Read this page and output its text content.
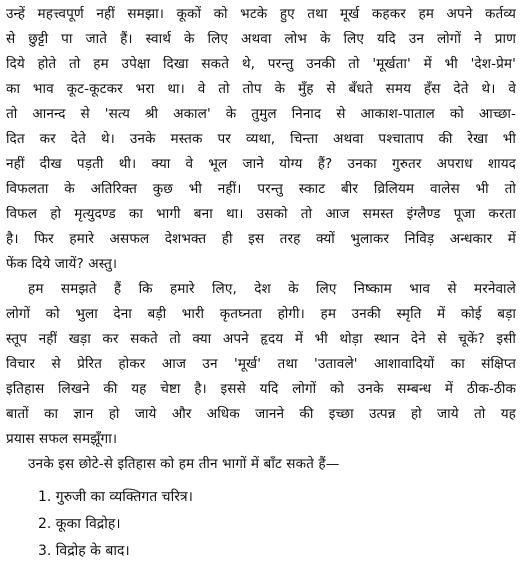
उन्हें महत्त्वपूर्ण नहीं समझा। कूकों को भटके हुए तथा मूर्ख कहकर हम अपने कर्तव्य
से छुट्टी पा जाते हैं। स्वार्थ के लिए अथवा लोभ के लिए यदि उन लोगों ने प्राण
दिये होते तो हम उपेक्षा दिखा सकते थे, परन्तु उनकी तो 'मूर्खता' में भी 'देश-प्रेम'
का भाव कूट-कूटकर भरा था। वे तो तोप के मुँह से बँधते समय हँस देते थे। वे
तो आनन्द से 'सत्य श्री अकाल' के तुमुल निनाद से आकाश-पाताल को आच्छा-
दित कर देते थे। उनके मस्तक पर व्यथा, चिन्ता अथवा पश्चाताप की रेखा भी
नहीं दीख पड़ती थी। क्या वे भूल जाने योग्य हैं? उनका गुरुतर अपराध शायद
विफलता के अतिरिक्त कुछ भी नहीं। परन्तु स्काट बीर व्रिलियम वालेस भी तो
विफल हो मृत्युदण्ड का भागी बना था। उसको तो आज समस्त इंग्लैण्ड पूजा करता
है। फिर हमारे असफल देशभक्त ही इस तरह क्यों भुलाकर निविड़ अन्धकार में
फेंक दिये जायें? अस्तु।
हम समझते हैं कि हमारे लिए, देश के लिए निष्काम भाव से मरनेवाले
लोगों को भुला देना बड़ी भारी कृतघ्नता होगी। हम उनकी स्मृति में कोई बड़ा
स्तूप नहीं खड़ा कर सकते तो क्या अपने हृदय में भी थोड़ा स्थान देने से चूकें? इसी
विचार से प्रेरित होकर आज उन 'मूर्ख' तथा 'उतावले' आशावादियों का संक्षिप्त
इतिहास लिखने की यह चेष्टा है। इससे यदि लोगों को उनके सम्बन्ध में ठीक-ठीक
बातों का ज्ञान हो जाये और अधिक जानने की इच्छा उत्पन्न हो जाये तो यह
प्रयास सफल समझूँगा।
उनके इस छोटे-से इतिहास को हम तीन भागों में बाँट सकते हैं—
1. गुरुजी का व्यक्तिगत चरित्र।
2. कूका विद्रोह।
3. विद्रोह के बाद।
